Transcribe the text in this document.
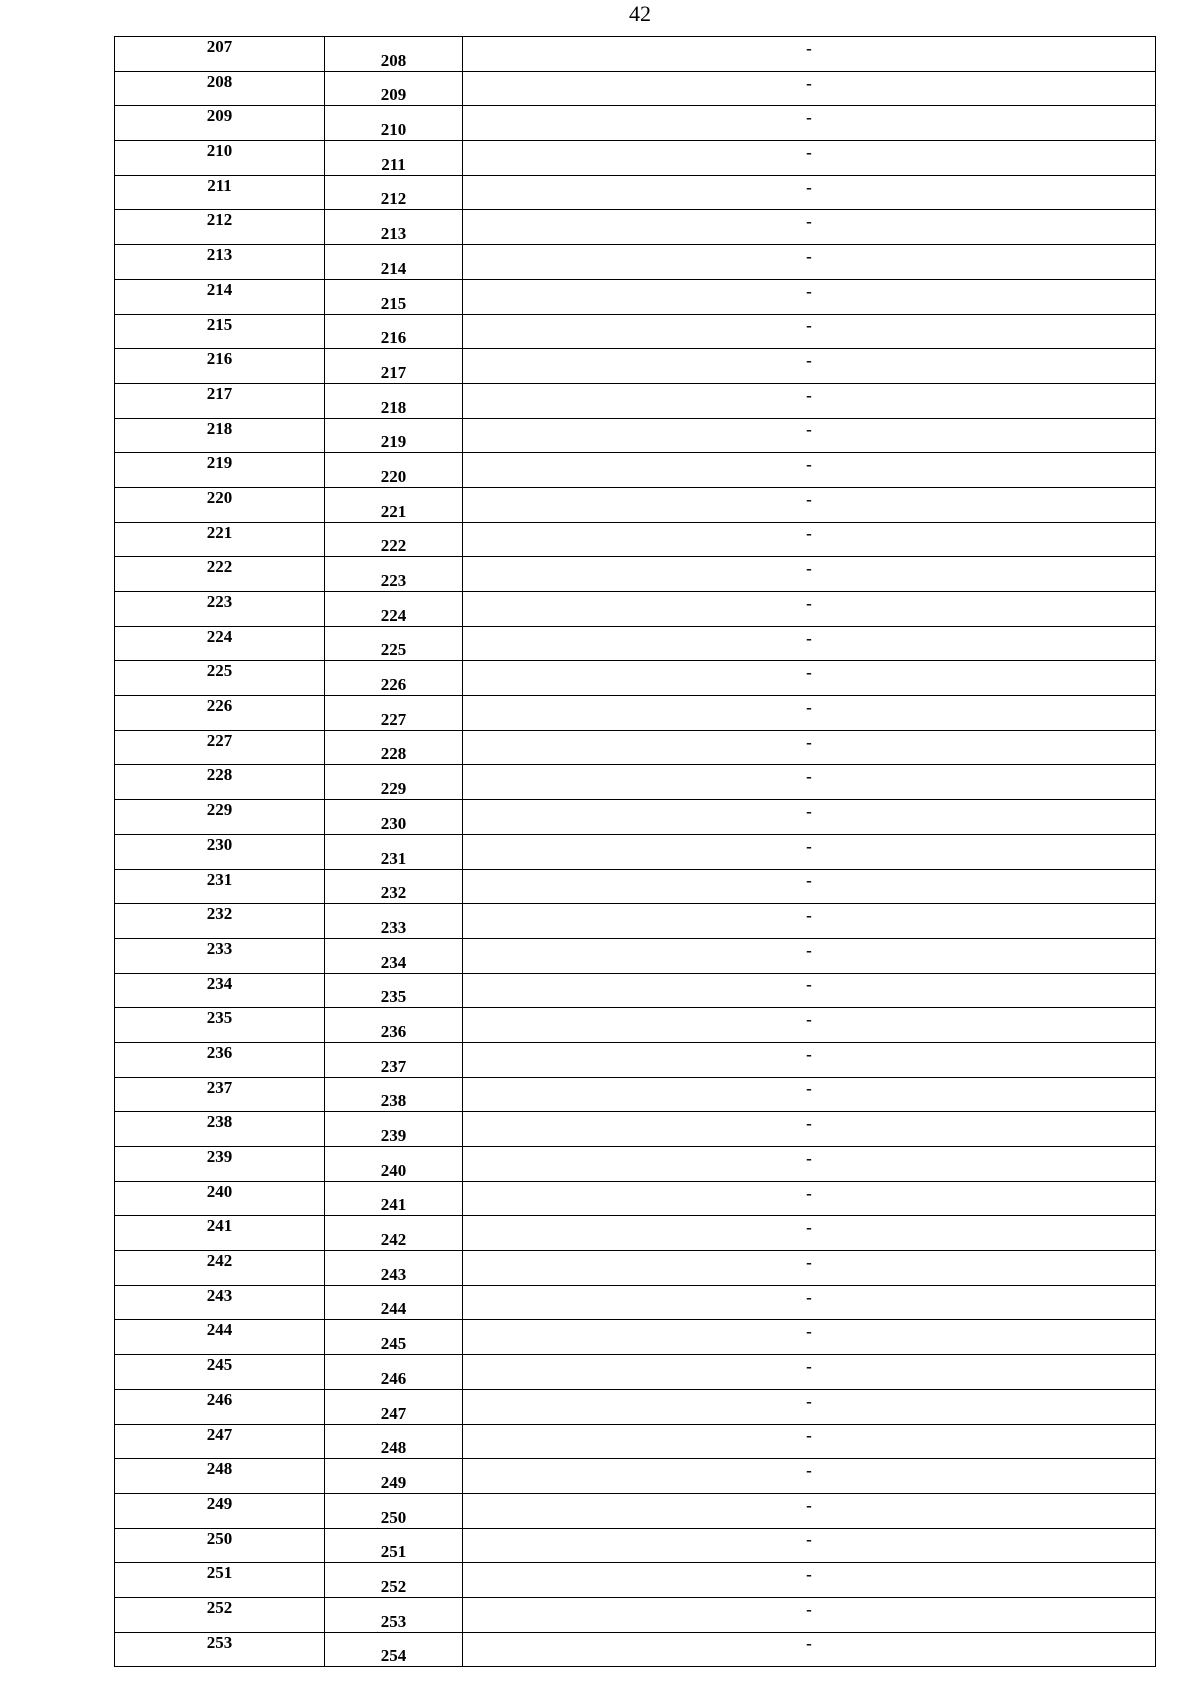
42
207	208	-
208	209	-
209	210	-
210	211	-
211	212	-
212	213	-
213	214	-
214	215	-
215	216	-
216	217	-
217	218	-
218	219	-
219	220	-
220	221	-
221	222	-
222	223	-
223	224	-
224	225	-
225	226	-
226	227	-
227	228	-
228	229	-
229	230	-
230	231	-
231	232	-
232	233	-
233	234	-
234	235	-
235	236	-
236	237	-
237	238	-
238	239	-
239	240	-
240	241	-
241	242	-
242	243	-
243	244	-
244	245	-
245	246	-
246	247	-
247	248	-
248	249	-
249	250	-
250	251	-
251	252	-
252	253	-
253	254	-
